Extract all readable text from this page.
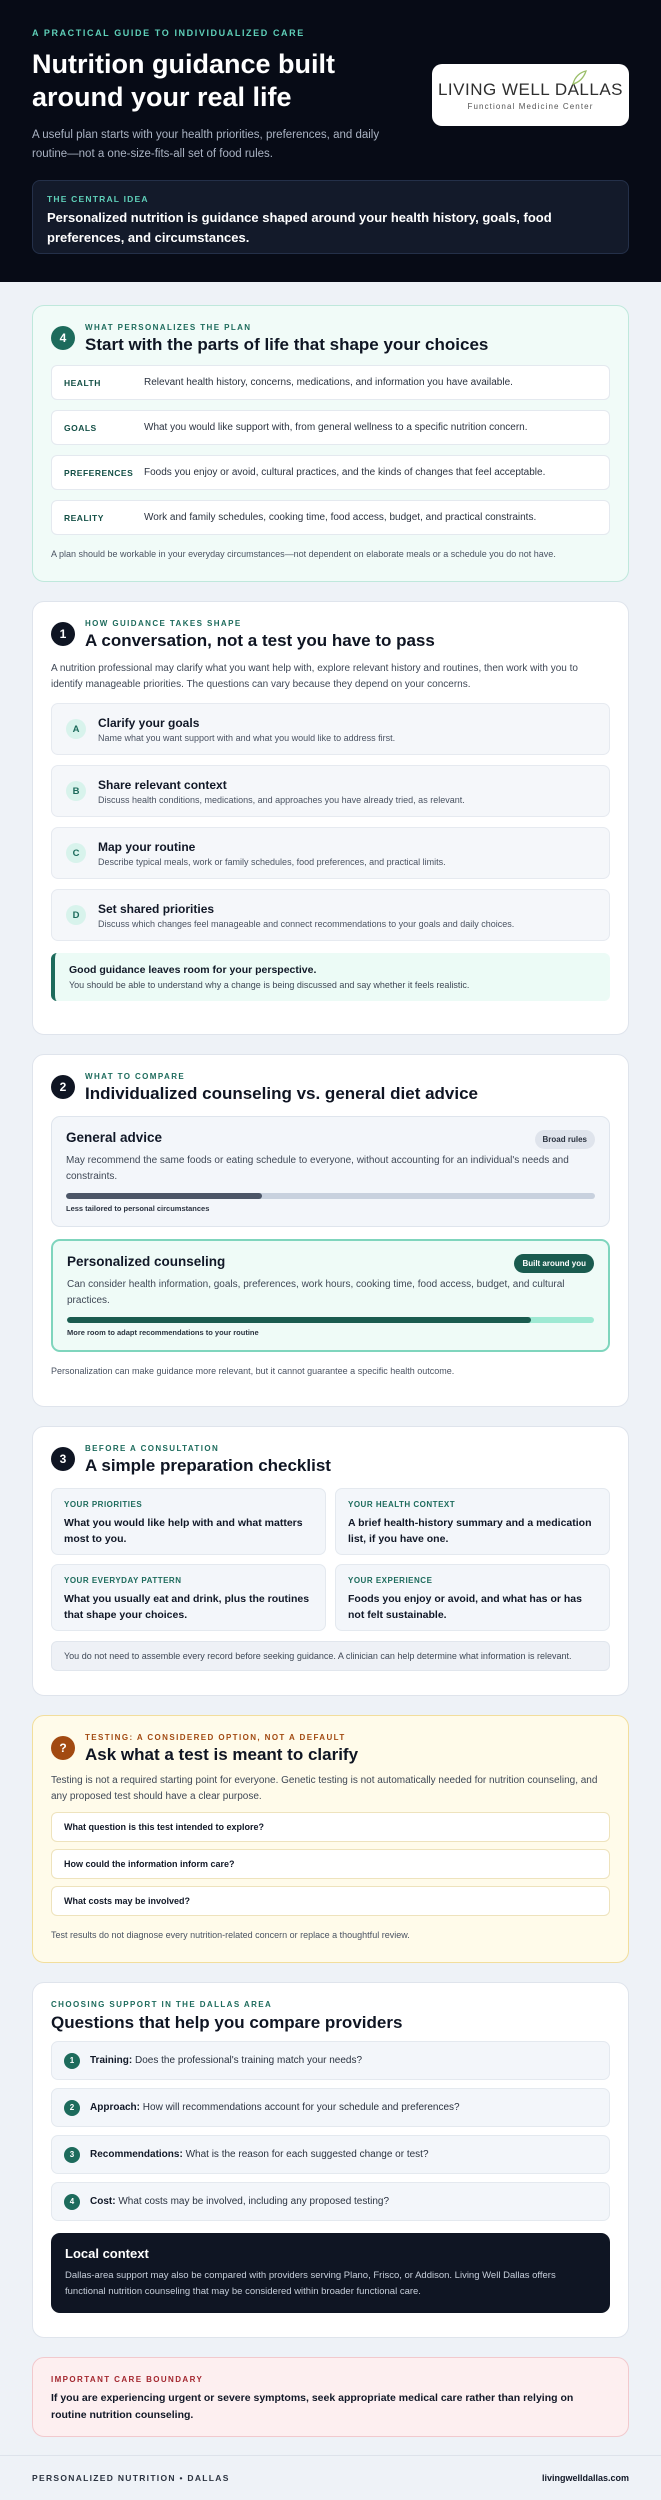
A PRACTICAL GUIDE TO INDIVIDUALIZED CARE
Nutrition guidance built around your real life

A useful plan starts with your health priorities, preferences, and daily routine—not a one-size-fits-all set of food rules.

LIVING WELL DALLAS
Functional Medicine Center
THE CENTRAL IDEA
Personalized nutrition is guidance shaped around your health history, goals, food preferences, and circumstances.
4
WHAT PERSONALIZES THE PLAN
Start with the parts of life that shape your choices
HEALTH	Relevant health history, concerns, medications, and information you have available.
GOALS	What you would like support with, from general wellness to a specific nutrition concern.
PREFERENCES	Foods you enjoy or avoid, cultural practices, and the kinds of changes that feel acceptable.
REALITY	Work and family schedules, cooking time, food access, budget, and practical constraints.

A plan should be workable in your everyday circumstances—not dependent on elaborate meals or a schedule you do not have.

1
HOW GUIDANCE TAKES SHAPE
A conversation, not a test you have to pass

A nutrition professional may clarify what you want help with, explore relevant history and routines, then work with you to identify manageable priorities. The questions can vary because they depend on your concerns.

A	Clarify your goals
Name what you want support with and what you would like to address first.
B	Share relevant context
Discuss health conditions, medications, and approaches you have already tried, as relevant.
C	Map your routine
Describe typical meals, work or family schedules, food preferences, and practical limits.
D	Set shared priorities
Discuss which changes feel manageable and connect recommendations to your goals and daily choices.
Good guidance leaves room for your perspective.
You should be able to understand why a change is being discussed and say whether it feels realistic.
2
WHAT TO COMPARE
Individualized counseling vs. general diet advice
General advice	Broad rules
May recommend the same foods or eating schedule to everyone, without accounting for an individual's needs and constraints.
Less tailored to personal circumstances
Personalized counseling	Built around you
Can consider health information, goals, preferences, work hours, cooking time, food access, budget, and cultural practices.
More room to adapt recommendations to your routine

Personalization can make guidance more relevant, but it cannot guarantee a specific health outcome.

3
BEFORE A CONSULTATION
A simple preparation checklist
YOUR PRIORITIES
What you would like help with and what matters most to you.
YOUR HEALTH CONTEXT
A brief health-history summary and a medication list, if you have one.
YOUR EVERYDAY PATTERN
What you usually eat and drink, plus the routines that shape your choices.
YOUR EXPERIENCE
Foods you enjoy or avoid, and what has or has not felt sustainable.
You do not need to assemble every record before seeking guidance. A clinician can help determine what information is relevant.
?
TESTING: A CONSIDERED OPTION, NOT A DEFAULT
Ask what a test is meant to clarify

Testing is not a required starting point for everyone. Genetic testing is not automatically needed for nutrition counseling, and any proposed test should have a clear purpose.

What question is this test intended to explore?
How could the information inform care?
What costs may be involved?

Test results do not diagnose every nutrition-related concern or replace a thoughtful review.

CHOOSING SUPPORT IN THE DALLAS AREA
Questions that help you compare providers
1	Training: Does the professional's training match your needs?
2	Approach: How will recommendations account for your schedule and preferences?
3	Recommendations: What is the reason for each suggested change or test?
4	Cost: What costs may be involved, including any proposed testing?
Local context
Dallas-area support may also be compared with providers serving Plano, Frisco, or Addison. Living Well Dallas offers functional nutrition counseling that may be considered within broader functional care.
IMPORTANT CARE BOUNDARY
If you are experiencing urgent or severe symptoms, seek appropriate medical care rather than relying on routine nutrition counseling.
PERSONALIZED NUTRITION • DALLAS	livingwelldallas.com
